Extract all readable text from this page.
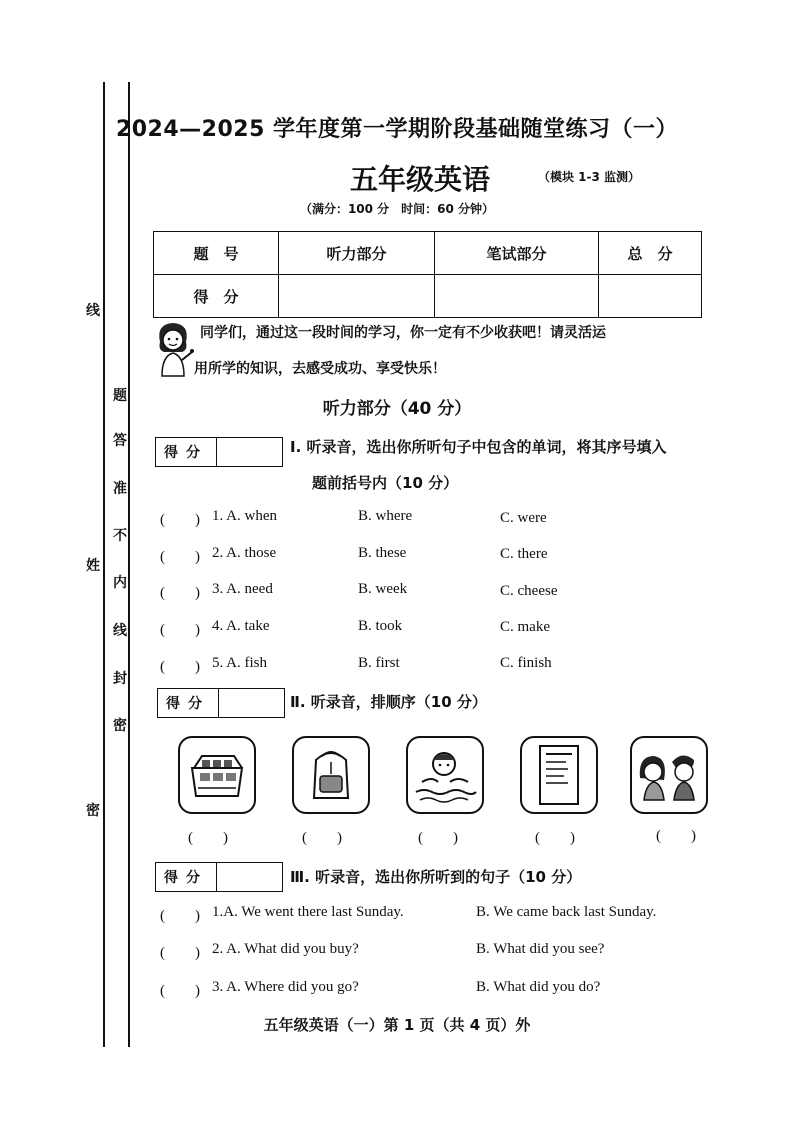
线
题
答
准
不
姓
内
线
封
密
密
2024—2025 学年度第一学期阶段基础随堂练习（一）
五年级英语	（模块 1-3 监测）
（满分：100 分　时间：60 分钟）
题　号	听力部分	笔试部分	总　分
得　分			
同学们，通过这一段时间的学习，你一定有不少收获吧！请灵活运
用所学的知识，去感受成功、享受快乐！
听力部分（40 分）
得分	Ⅰ. 听录音，选出你所听句子中包含的单词，将其序号填入
题前括号内（10 分）
(　　) 1. A. when	B. where	C. were
(　　) 2. A. those	B. these	C. there
(　　) 3. A. need	B. week	C. cheese
(　　) 4. A. take	B. took	C. make
(　　) 5. A. fish	B. first	C. finish
得分	Ⅱ. 听录音，排顺序（10 分）
(　　)	(　　)	(　　)	(　　)	(　　)
得分	Ⅲ. 听录音，选出你所听到的句子（10 分）
(　　) 1.A. We went there last Sunday.	B. We came back last Sunday.
(　　) 2. A. What did you buy?	B. What did you see?
(　　) 3. A. Where did you go?	B. What did you do?
五年级英语（一）第 1 页（共 4 页）外
